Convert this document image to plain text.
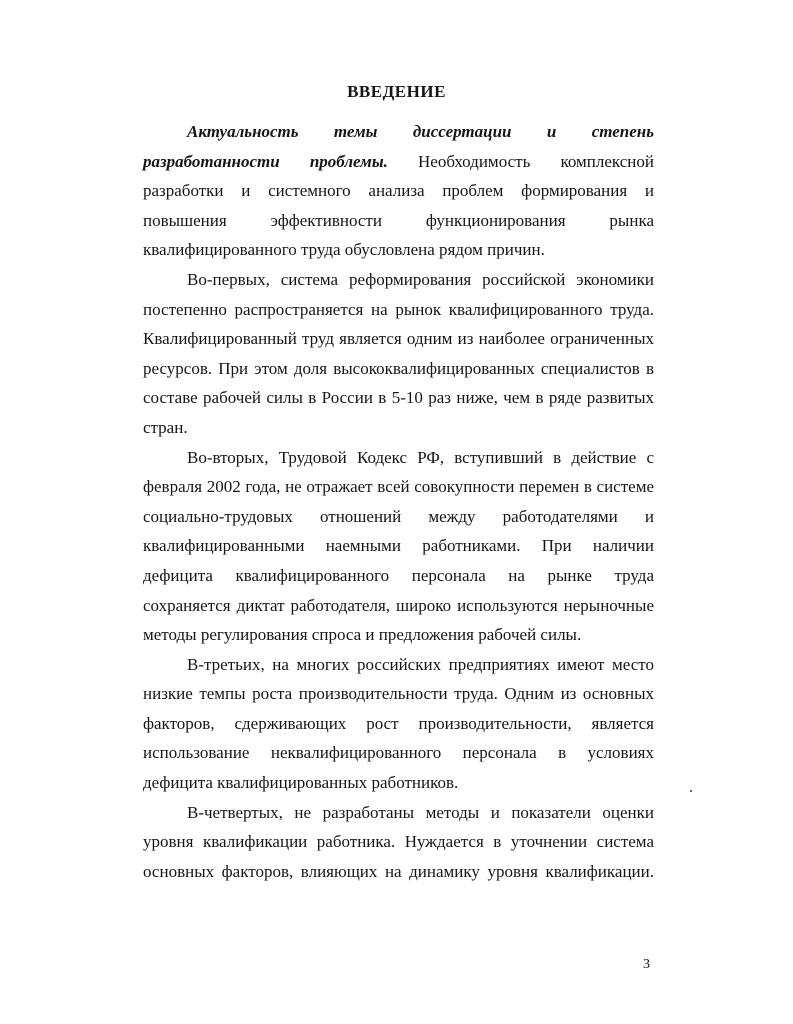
ВВЕДЕНИЕ

Актуальность темы диссертации и степень разработанности проблемы. Необходимость комплексной разработки и системного анализа проблем формирования и повышения эффективности функционирования рынка квалифицированного труда обусловлена рядом причин.

Во-первых, система реформирования российской экономики постепенно распространяется на рынок квалифицированного труда. Квалифицированный труд является одним из наиболее ограниченных ресурсов. При этом доля высококвалифицированных специалистов в составе рабочей силы в России в 5-10 раз ниже, чем в ряде развитых стран.

Во-вторых, Трудовой Кодекс РФ, вступивший в действие с февраля 2002 года, не отражает всей совокупности перемен в системе социально-трудовых отношений между работодателями и квалифицированными наемными работниками. При наличии дефицита квалифицированного персонала на рынке труда сохраняется диктат работодателя, широко используются нерыночные методы регулирования спроса и предложения рабочей силы.

В-третьих, на многих российских предприятиях имеют место низкие темпы роста производительности труда. Одним из основных факторов, сдерживающих рост производительности, является использование неквалифицированного персонала в условиях дефицита квалифицированных работников.

В-четвертых, не разработаны методы и показатели оценки уровня квалификации работника. Нуждается в уточнении система основных факторов, влияющих на динамику уровня квалификации.

3
